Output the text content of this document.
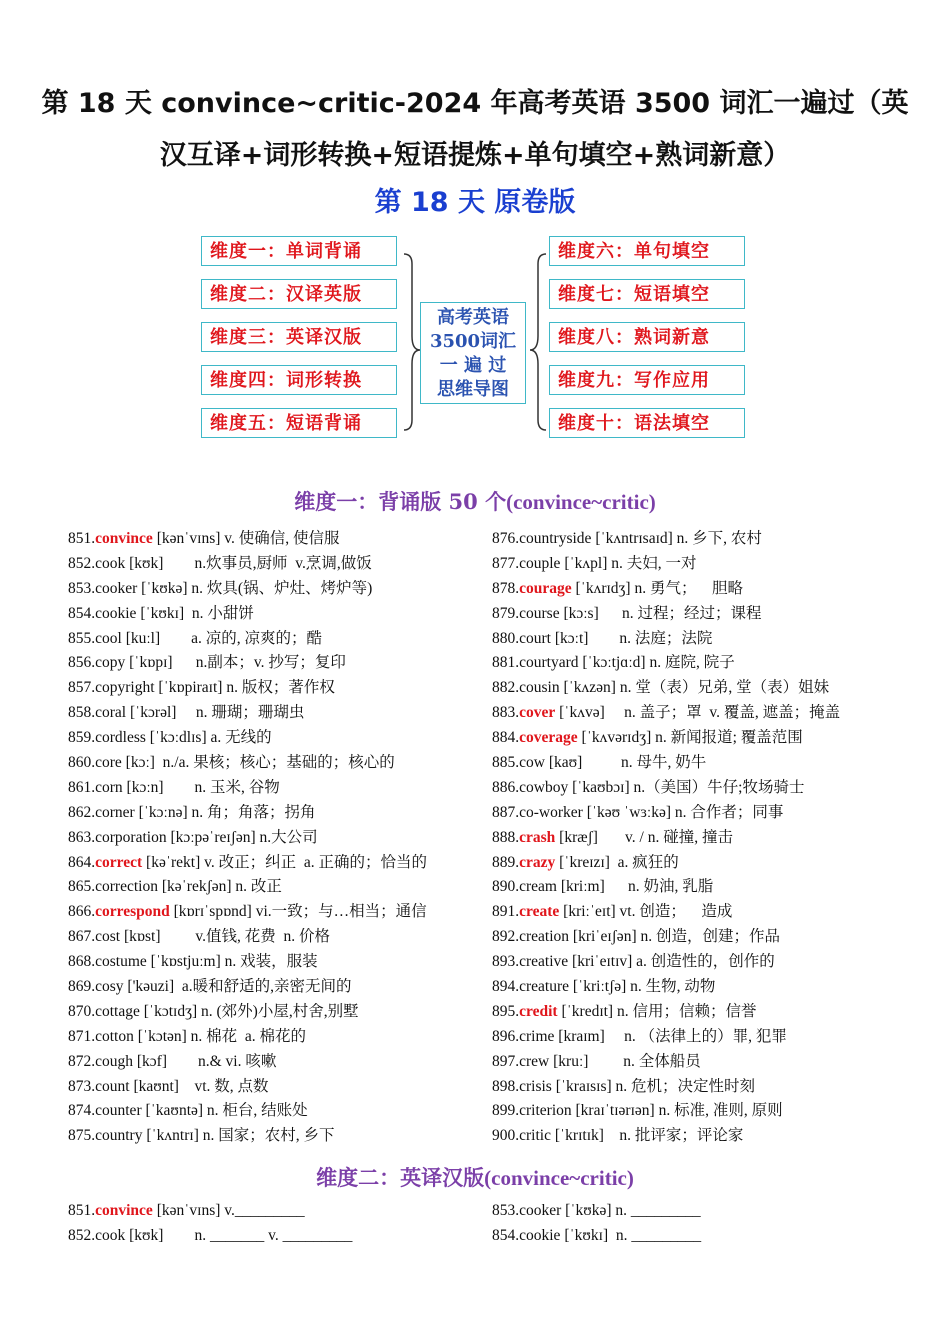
第 18 天 convince~critic-2024 年高考英语 3500 词汇一遍过（英汉互译+词形转换+短语提炼+单句填空+熟词新意）
第 18 天 原卷版
维度一：单词背诵
维度二：汉译英版
维度三：英译汉版
维度四：词形转换
维度五：短语背诵
高考英语
3500词汇
一 遍 过
思维导图
维度六：单句填空
维度七：短语填空
维度八：熟词新意
维度九：写作应用
维度十：语法填空
维度一：背诵版 50 个(convince~critic)
851.convince [kənˈvɪns] v. 使确信, 使信服
852.cook [kʊk]        n.炊事员,厨师  v.烹调,做饭
853.cooker [ˈkʊkə] n. 炊具(锅、炉灶、烤炉等)
854.cookie [ˈkʊkɪ]  n. 小甜饼
855.cool [kuːl]        a. 凉的, 凉爽的；酷
856.copy [ˈkɒpɪ]      n.副本；v. 抄写；复印
857.copyright [ˈkɒpiraɪt] n. 版权；著作权
858.coral [ˈkɔrəl]     n. 珊瑚；珊瑚虫
859.cordless [ˈkɔːdlɪs] a. 无线的
860.core [kɔː]  n./a. 果核；核心；基础的；核心的
861.corn [kɔːn]        n. 玉米, 谷物
862.corner [ˈkɔːnə] n. 角；角落；拐角
863.corporation [kɔːpəˈreɪʃən] n.大公司
864.correct [kəˈrekt] v. 改正；纠正  a. 正确的；恰当的
865.correction [kəˈrekʃən] n. 改正
866.correspond [kɒrɪˈspɒnd] vi.一致；与…相当；通信
867.cost [kɒst]         v.值钱, 花费  n. 价格
868.costume [ˈkɒstjuːm] n. 戏装，服装
869.cosy ['kəuzi]  a.暖和舒适的,亲密无间的
870.cottage [ˈkɔtɪdʒ] n. (郊外)小屋,村舍,别墅
871.cotton [ˈkɔtən] n. 棉花  a. 棉花的
872.cough [kɔf]        n.& vi. 咳嗽
873.count [kaʊnt]    vt. 数, 点数
874.counter [ˈkaʊntə] n. 柜台, 结账处
875.country [ˈkʌntrɪ] n. 国家；农村, 乡下
876.countryside [ˈkʌntrɪsaɪd] n. 乡下, 农村
877.couple [ˈkʌpl] n. 夫妇, 一对
878.courage [ˈkʌrɪdʒ] n. 勇气；    胆略
879.course [kɔːs]      n. 过程；经过；课程
880.court [kɔːt]        n. 法庭；法院
881.courtyard [ˈkɔːtjɑːd] n. 庭院, 院子
882.cousin [ˈkʌzən] n. 堂（表）兄弟, 堂（表）姐妹
883.cover [ˈkʌvə]     n. 盖子；罩  v. 覆盖, 遮盖；掩盖
884.coverage [ˈkʌvərɪdʒ] n. 新闻报道; 覆盖范围
885.cow [kaʊ]          n. 母牛, 奶牛
886.cowboy [ˈkaʊbɔɪ] n.（美国）牛仔;牧场骑士
887.co-worker [ˈkəʊ ˈwɜːkə] n. 合作者；同事
888.crash [kræʃ]       v. / n. 碰撞, 撞击
889.crazy [ˈkreɪzɪ]  a. 疯狂的
890.cream [kriːm]      n. 奶油, 乳脂
891.create [kriːˈeɪt] vt. 创造；    造成
892.creation [kriˈeɪʃən] n. 创造，创建；作品
893.creative [kriˈeɪtɪv] a. 创造性的，创作的
894.creature [ˈkriːtʃə] n. 生物, 动物
895.credit [ˈkredɪt] n. 信用；信赖；信誉
896.crime [kraɪm]     n. （法律上的）罪, 犯罪
897.crew [kruː]         n. 全体船员
898.crisis [ˈkraɪsɪs] n. 危机；决定性时刻
899.criterion [kraɪˈtɪərɪən] n. 标准, 准则, 原则
900.critic [ˈkrɪtɪk]    n. 批评家；评论家
维度二：英译汉版(convince~critic)
851.convince [kənˈvɪns] v._________
852.cook [kʊk]        n. _______ v. _________
853.cooker [ˈkʊkə] n. _________
854.cookie [ˈkʊkɪ]  n. _________
